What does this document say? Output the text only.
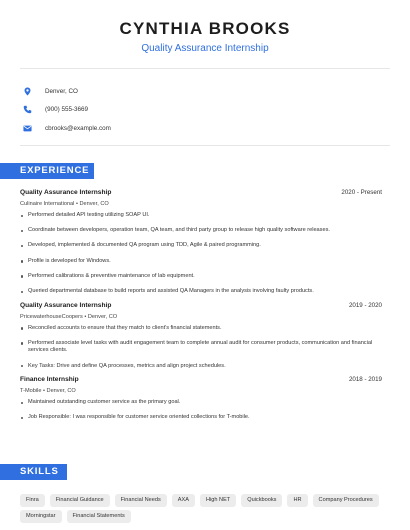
CYNTHIA BROOKS
Quality Assurance Internship
Denver, CO
(900) 555-3669
cbrooks@example.com
EXPERIENCE
Quality Assurance Internship	2020 - Present
Culinaire International • Denver, CO
Performed detailed API testing utilizing SOAP UI.
Coordinate between developers, operation team, QA team, and third party group to release high quality software releases.
Developed, implemented & documented QA program using TDD, Agile & paired programming.
Profile is developed for Windows.
Performed calibrations & preventive maintenance of lab equipment.
Queried departmental database to build reports and assisted QA Managers in the analysis involving faulty products.
Quality Assurance Internship	2019 - 2020
PricewaterhouseCoopers • Denver, CO
Reconciled accounts to ensure that they match to client's financial statements.
Performed associate level tasks with audit engagement team to complete annual audit for consumer products, communication and financial services clients.
Key Tasks: Drive and define QA processes, metrics and align project schedules.
Finance Internship	2018 - 2019
T-Mobile • Denver, CO
Maintained outstanding customer service as the primary goal.
Job Responsible: I was responsible for customer service oriented collections for T-mobile.
SKILLS
Finra	Financial Guidance	Financial Needs	AXA	High NET	Quickbooks	HR	Company Procedures
Morningstar	Financial Statements
